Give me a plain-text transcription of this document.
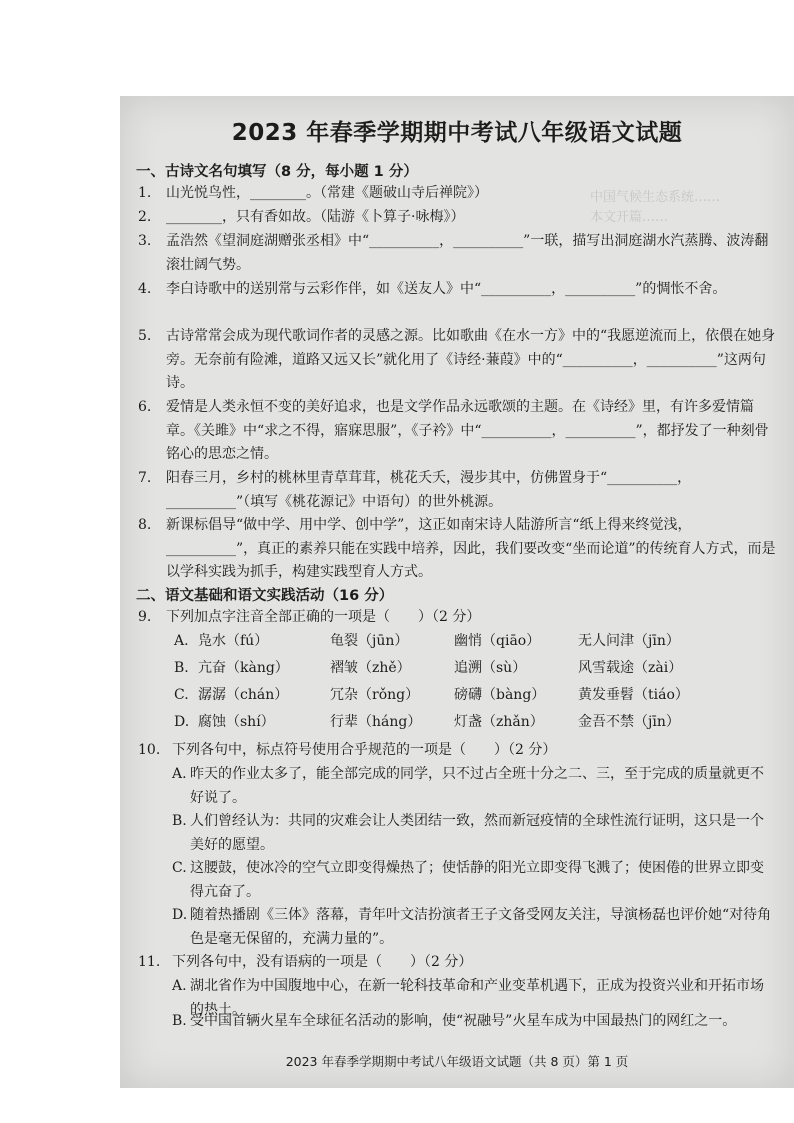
中国气候生态系统……
本文开篇……
2023 年春季学期期中考试八年级语文试题
一、古诗文名句填写（8 分，每小题 1 分）
1. 山光悦鸟性，________。（常建《题破山寺后禅院》）
2. ________，只有香如故。（陆游《卜算子·咏梅》）
3. 孟浩然《望洞庭湖赠张丞相》中“__________，__________”一联，描写出洞庭湖水汽蒸腾、波涛翻滚壮阔气势。
4. 李白诗歌中的送别常与云彩作伴，如《送友人》中“__________，__________”的惆怅不舍。
5. 古诗常常会成为现代歌词作者的灵感之源。比如歌曲《在水一方》中的“我愿逆流而上，依偎在她身旁。无奈前有险滩，道路又远又长”就化用了《诗经·蒹葭》中的“__________，__________”这两句诗。
6. 爱情是人类永恒不变的美好追求，也是文学作品永远歌颂的主题。在《诗经》里，有许多爱情篇章。《关雎》中“求之不得，寤寐思服”，《子衿》中“__________，__________”，都抒发了一种刻骨铭心的思恋之情。
7. 阳春三月，乡村的桃林里青草茸茸，桃花夭夭，漫步其中，仿佛置身于“__________，__________”（填写《桃花源记》中语句）的世外桃源。
8. 新课标倡导“做中学、用中学、创中学”，这正如南宋诗人陆游所言“纸上得来终觉浅，__________”，真正的素养只能在实践中培养，因此，我们要改变“坐而论道”的传统育人方式，而是以学科实践为抓手，构建实践型育人方式。
二、语文基础和语文实践活动（16 分）
9. 下列加点字注音全部正确的一项是（　　）（2 分）
A. 凫水（fú）	龟裂（jūn）	幽悄（qiāo）	无人问津（jīn）
B. 亢奋（kàng）	褶皱（zhě）	追溯（sù）	风雪载途（zài）
C. 潺潺（chán）	冗杂（rǒng） 磅礴（bàng） 黄发垂髫（tiáo）
D. 腐蚀（shí）	行辈（háng） 灯盏（zhǎn） 金吾不禁（jīn）
10. 下列各句中，标点符号使用合乎规范的一项是（　　）（2 分）
A. 昨天的作业太多了，能全部完成的同学，只不过占全班十分之二、三，至于完成的质量就更不好说了。
B. 人们曾经认为：共同的灾难会让人类团结一致，然而新冠疫情的全球性流行证明，这只是一个美好的愿望。
C. 这腰鼓，使冰冷的空气立即变得燥热了；使恬静的阳光立即变得飞溅了；使困倦的世界立即变得亢奋了。
D. 随着热播剧《三体》落幕，青年叶文洁扮演者王子文备受网友关注，导演杨磊也评价她“对待角色是毫无保留的，充满力量的”。
11. 下列各句中，没有语病的一项是（　　）（2 分）
A. 湖北省作为中国腹地中心，在新一轮科技革命和产业变革机遇下，正成为投资兴业和开拓市场的热土。
B. 受中国首辆火星车全球征名活动的影响，使“祝融号”火星车成为中国最热门的网红之一。
2023 年春季学期期中考试八年级语文试题（共 8 页）第 1 页
